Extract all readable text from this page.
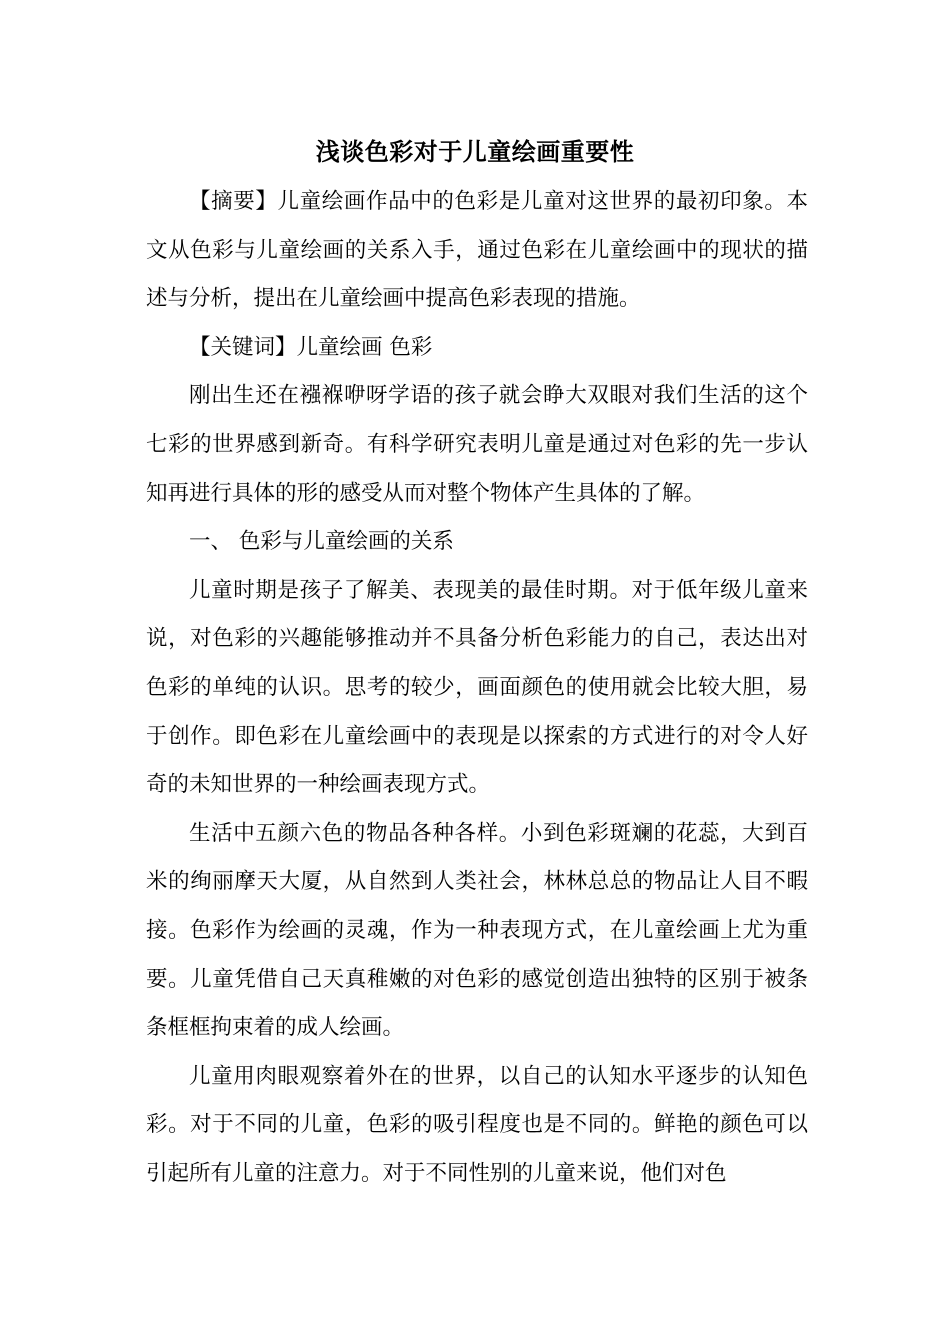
浅谈色彩对于儿童绘画重要性

【摘要】儿童绘画作品中的色彩是儿童对这世界的最初印象。本文从色彩与儿童绘画的关系入手，通过色彩在儿童绘画中的现状的描述与分析，提出在儿童绘画中提高色彩表现的措施。

【关键词】儿童绘画 色彩

刚出生还在襁褓咿呀学语的孩子就会睁大双眼对我们生活的这个七彩的世界感到新奇。有科学研究表明儿童是通过对色彩的先一步认知再进行具体的形的感受从而对整个物体产生具体的了解。

一、 色彩与儿童绘画的关系

儿童时期是孩子了解美、表现美的最佳时期。对于低年级儿童来说，对色彩的兴趣能够推动并不具备分析色彩能力的自己，表达出对色彩的单纯的认识。思考的较少，画面颜色的使用就会比较大胆，易于创作。即色彩在儿童绘画中的表现是以探索的方式进行的对令人好奇的未知世界的一种绘画表现方式。

生活中五颜六色的物品各种各样。小到色彩斑斓的花蕊，大到百米的绚丽摩天大厦，从自然到人类社会，林林总总的物品让人目不暇接。色彩作为绘画的灵魂，作为一种表现方式，在儿童绘画上尤为重要。儿童凭借自己天真稚嫩的对色彩的感觉创造出独特的区别于被条条框框拘束着的成人绘画。

儿童用肉眼观察着外在的世界，以自己的认知水平逐步的认知色彩。对于不同的儿童，色彩的吸引程度也是不同的。鲜艳的颜色可以引起所有儿童的注意力。对于不同性别的儿童来说，他们对色
